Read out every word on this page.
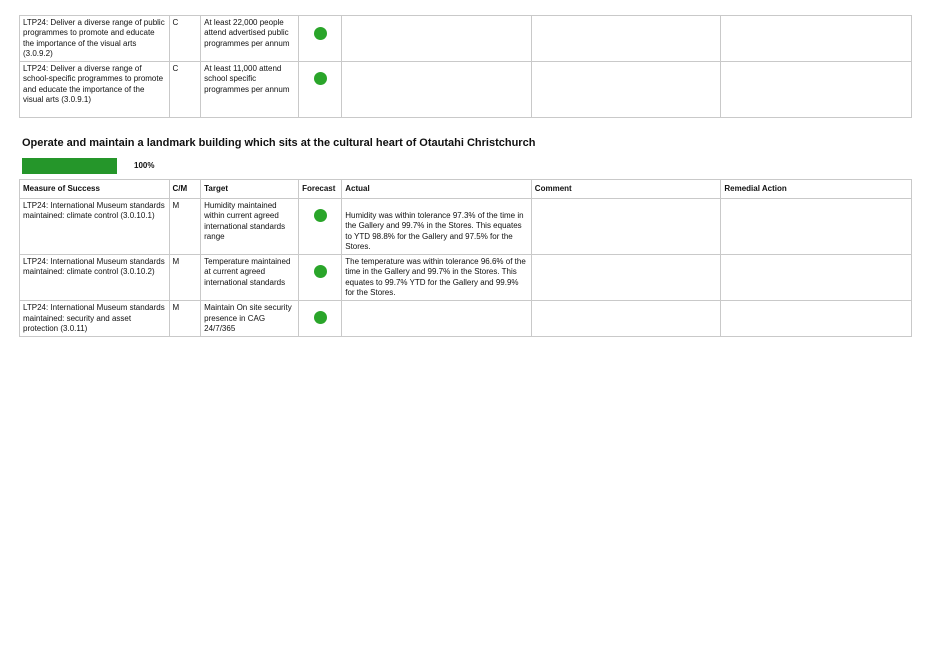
LTP24: Deliver a diverse range of public programmes to promote and educate the importance of the visual arts (3.0.9.2)	C	At least 22,000 people attend advertised public programmes per annum	

LTP24: Deliver a diverse range of school-specific programmes to promote and educate the importance of the visual arts (3.0.9.1)	C	At least 11,000 attend school specific programmes per annum	

Operate and maintain a landmark building which sits at the cultural heart of Otautahi Christchurch
100%
Measure of Success	C/M	Target	Forecast	Actual	Comment	Remedial Action
LTP24: International Museum standards maintained: climate control (3.0.10.1)	M	Humidity maintained within current agreed international standards range		Humidity was within tolerance 97.3% of the time in the Gallery and 99.7% in the Stores. This equates to YTD 98.8% for the Gallery and 97.5% for the Stores.		
LTP24: International Museum standards maintained: climate control (3.0.10.2)	M	Temperature maintained at current agreed international standards		The temperature was within tolerance 96.6% of the time in the Gallery and 99.7% in the Stores. This equates to 99.7% YTD for the Gallery and 99.9% for the Stores.		
LTP24: International Museum standards maintained: security and asset protection (3.0.11)	M	Maintain On site security presence in CAG 24/7/365	
